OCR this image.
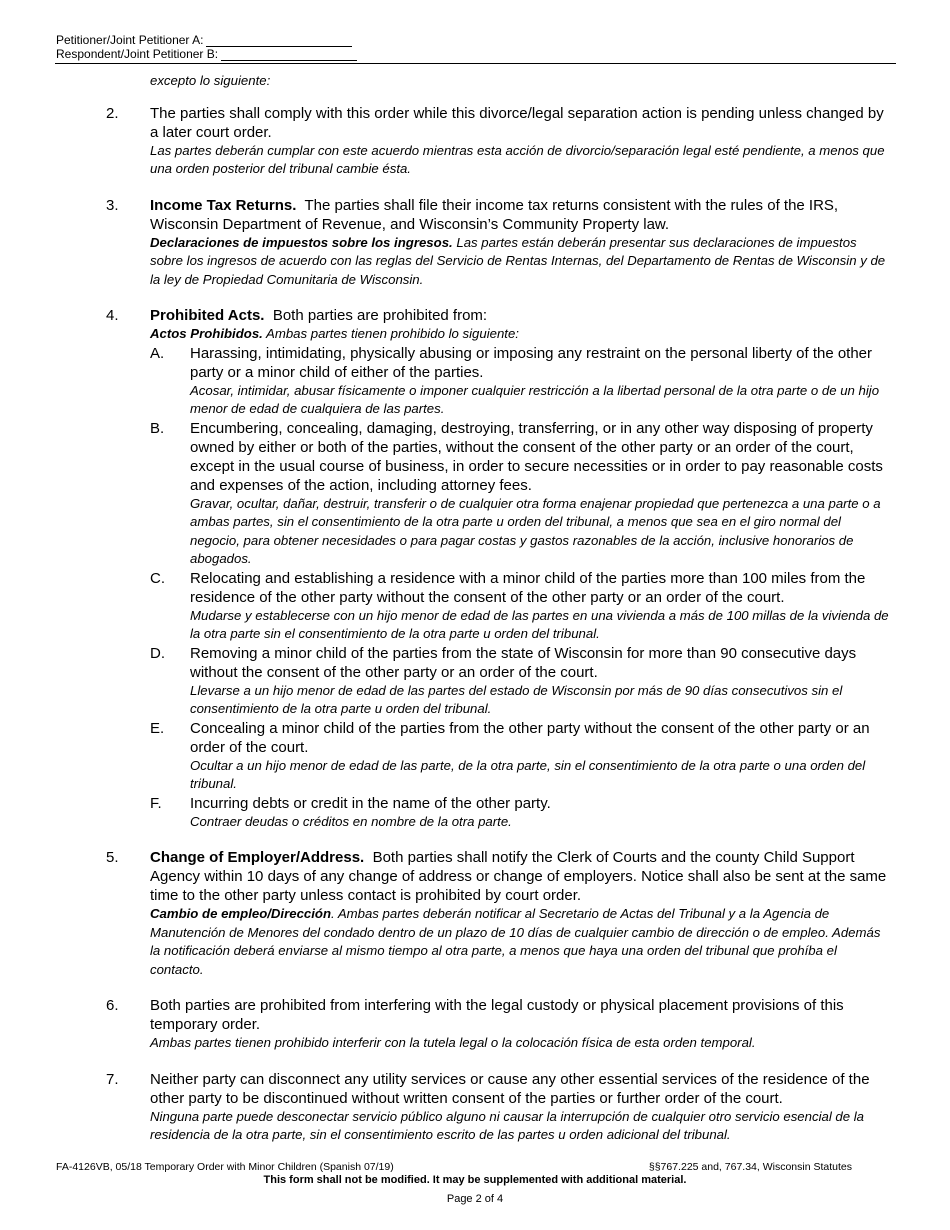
Petitioner/Joint Petitioner A:
Respondent/Joint Petitioner B:
excepto lo siguiente:
2. The parties shall comply with this order while this divorce/legal separation action is pending unless changed by a later court order.
Las partes deberán cumplar con este acuerdo mientras esta acción de divorcio/separación legal esté pendiente, a menos que una orden posterior del tribunal cambie ésta.
3. Income Tax Returns. The parties shall file their income tax returns consistent with the rules of the IRS, Wisconsin Department of Revenue, and Wisconsin’s Community Property law.
Declaraciones de impuestos sobre los ingresos. Las partes están deberán presentar sus declaraciones de impuestos sobre los ingresos de acuerdo con las reglas del Servicio de Rentas Internas, del Departamento de Rentas de Wisconsin y de la ley de Propiedad Comunitaria de Wisconsin.
4. Prohibited Acts. Both parties are prohibited from:
Actos Prohibidos. Ambas partes tienen prohibido lo siguiente:
A. Harassing, intimidating, physically abusing or imposing any restraint on the personal liberty of the other party or a minor child of either of the parties.
Acosar, intimidar, abusar físicamente o imponer cualquier restricción a la libertad personal de la otra parte o de un hijo menor de edad de cualquiera de las partes.
B. Encumbering, concealing, damaging, destroying, transferring, or in any other way disposing of property owned by either or both of the parties, without the consent of the other party or an order of the court, except in the usual course of business, in order to secure necessities or in order to pay reasonable costs and expenses of the action, including attorney fees.
Gravar, ocultar, dañar, destruir, transferir o de cualquier otra forma enajenar propiedad que pertenezca a una parte o a ambas partes, sin el consentimiento de la otra parte u orden del tribunal, a menos que sea en el giro normal del negocio, para obtener necesidades o para pagar costas y gastos razonables de la acción, inclusive honorarios de abogados.
C. Relocating and establishing a residence with a minor child of the parties more than 100 miles from the residence of the other party without the consent of the other party or an order of the court.
Mudarse y establecerse con un hijo menor de edad de las partes en una vivienda a más de 100 millas de la vivienda de la otra parte sin el consentimiento de la otra parte u orden del tribunal.
D. Removing a minor child of the parties from the state of Wisconsin for more than 90 consecutive days without the consent of the other party or an order of the court.
Llevarse a un hijo menor de edad de las partes del estado de Wisconsin por más de 90 días consecutivos sin el consentimiento de la otra parte u orden del tribunal.
E. Concealing a minor child of the parties from the other party without the consent of the other party or an order of the court.
Ocultar a un hijo menor de edad de las parte, de la otra parte, sin el consentimiento de la otra parte o una orden del tribunal.
F. Incurring debts or credit in the name of the other party.
Contraer deudas o créditos en nombre de la otra parte.
5. Change of Employer/Address. Both parties shall notify the Clerk of Courts and the county Child Support Agency within 10 days of any change of address or change of employers. Notice shall also be sent at the same time to the other party unless contact is prohibited by court order.
Cambio de empleo/Dirección. Ambas partes deberán notificar al Secretario de Actas del Tribunal y a la Agencia de Manutención de Menores del condado dentro de un plazo de 10 días de cualquier cambio de dirección o de empleo. Además la notificación deberá enviarse al mismo tiempo al otra parte, a menos que haya una orden del tribunal que prohíba el contacto.
6. Both parties are prohibited from interfering with the legal custody or physical placement provisions of this temporary order.
Ambas partes tienen prohibido interferir con la tutela legal o la colocación física de esta orden temporal.
7. Neither party can disconnect any utility services or cause any other essential services of the residence of the other party to be discontinued without written consent of the parties or further order of the court.
Ninguna parte puede desconectar servicio público alguno ni causar la interrupción de cualquier otro servicio esencial de la residencia de la otra parte, sin el consentimiento escrito de las partes u orden adicional del tribunal.
FA-4126VB, 05/18 Temporary Order with Minor Children (Spanish 07/19)	§§767.225 and, 767.34, Wisconsin Statutes
This form shall not be modified. It may be supplemented with additional material.
Page 2 of 4
